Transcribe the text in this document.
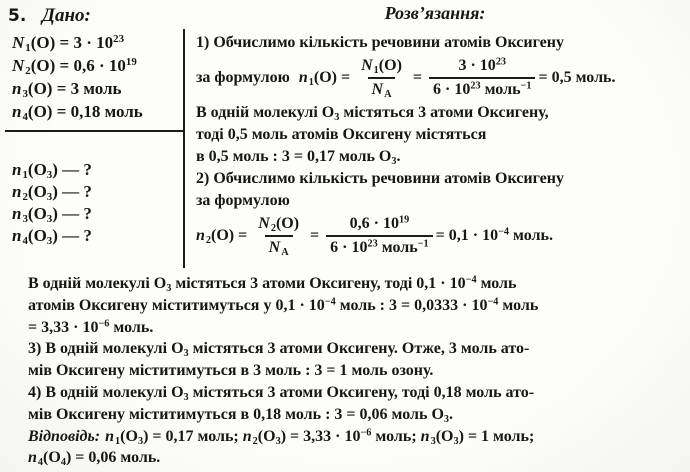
5. Дано:	Розв’язання:
$N_1(O) = 3 \cdot 10^{23}$
$N_2(O) = 0,6 \cdot 10^{19}$
$n_3(O) = 3$ моль
$n_4(O) = 0,18$ моль
$n_1(O_3)$ — ?
$n_2(O_3)$ — ?
$n_3(O_3)$ — ?
$n_4(O_3)$ — ?
1) Обчислимо кількість речовини атомів Оксигену
за формулою $n_1(O) = \frac{N_1(O)}{N_A} = \frac{3 \cdot 10^{23}}{6 \cdot 10^{23} моль^{-1}} = 0,5$ моль.
В одній молекулі $O_3$ містяться 3 атоми Оксигену,
тоді 0,5 моль атомів Оксигену містяться
в 0,5 моль : 3 = 0,17 моль $O_3$.
2) Обчислимо кількість речовини атомів Оксигену
за формулою
$n_2(O) = \frac{N_2(O)}{N_A} = \frac{0,6 \cdot 10^{19}}{6 \cdot 10^{23} моль^{-1}} = 0,1 \cdot 10^{-4}$ моль.
В одній молекулі $O_3$ містяться 3 атоми Оксигену, тоді $0,1 \cdot 10^{-4}$ моль
атомів Оксигену міститимуться у $0,1 \cdot 10^{-4}$ моль : $3 = 0,0333 \cdot 10^{-4}$ моль
= $3,33 \cdot 10^{-6}$ моль.
3) В одній молекулі $O_3$ містяться 3 атоми Оксигену. Отже, 3 моль ато-
мів Оксигену міститимуться в 3 моль : 3 = 1 моль озону.
4) В одній молекулі $O_3$ містяться 3 атоми Оксигену, тоді 0,18 моль ато-
мів Оксигену міститимуться в 0,18 моль : 3 = 0,06 моль $O_3$.
Відповідь: $n_1(O_3) = 0,17$ моль; $n_2(O_3) = 3,33 \cdot 10^{-6}$ моль; $n_3(O_3) = 1$ моль;
$n_4(O_4) = 0,06$ моль.
